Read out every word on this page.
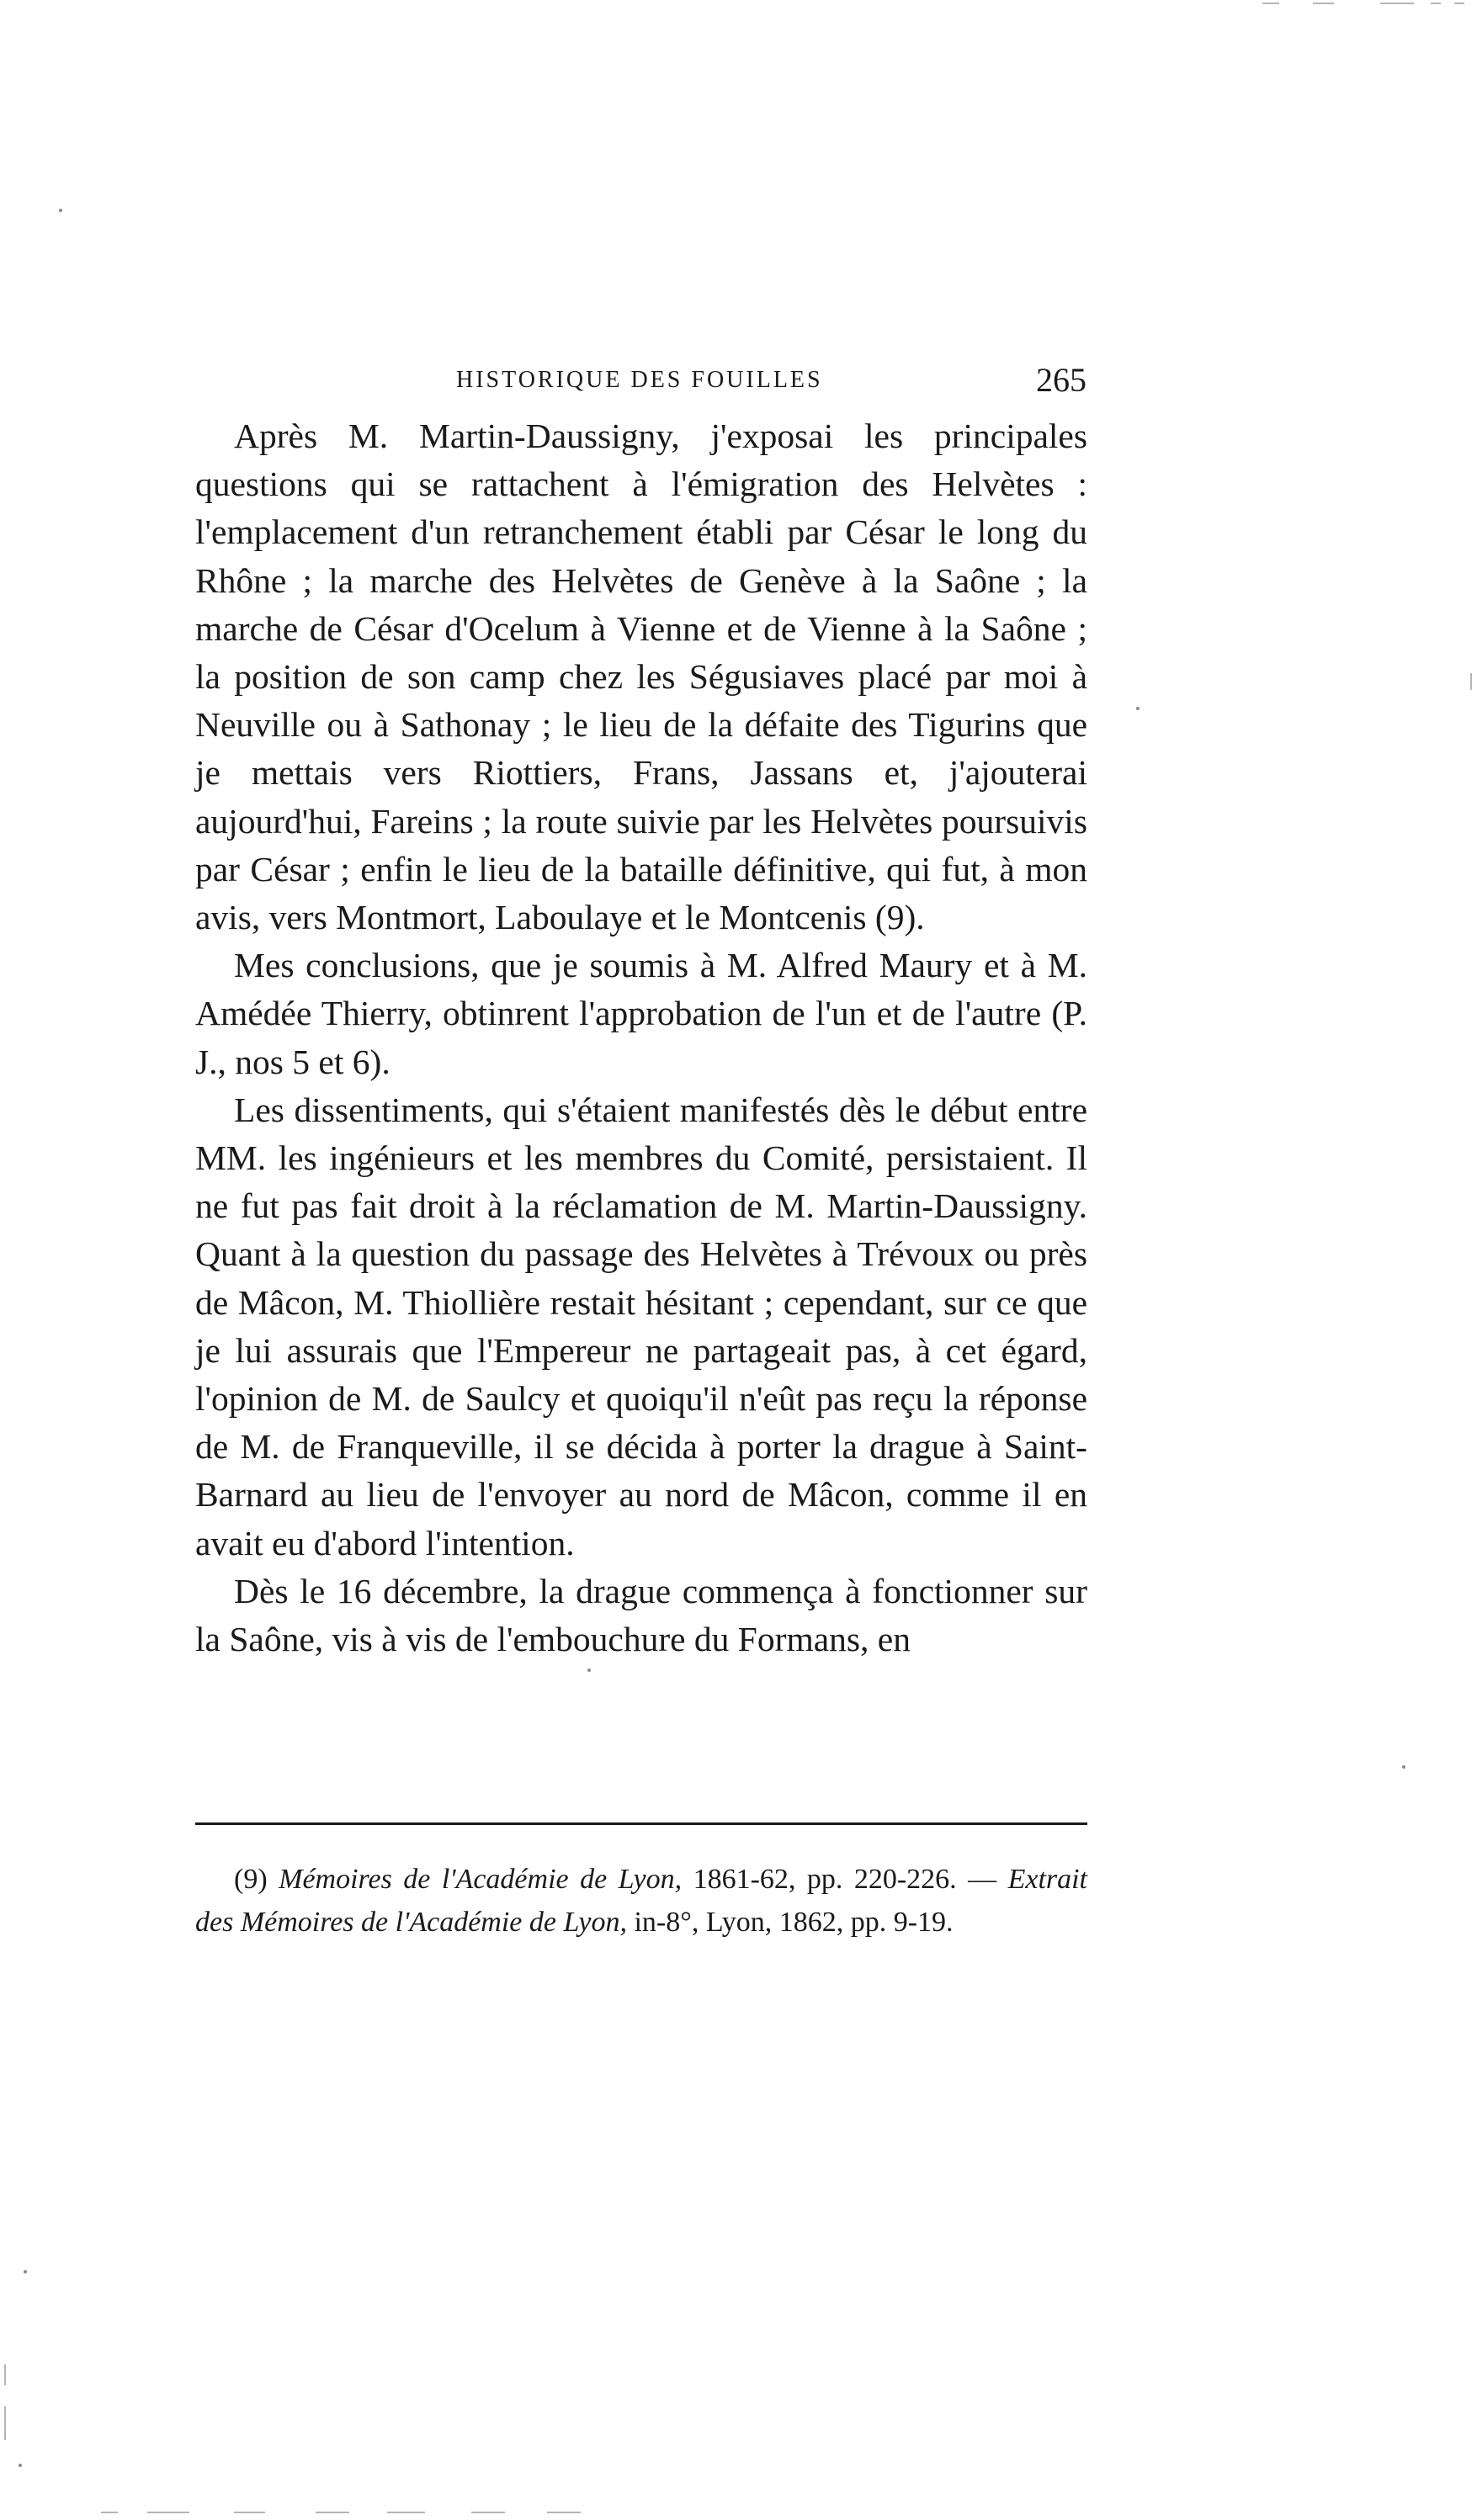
HISTORIQUE DES FOUILLES	265

Après M. Martin-Daussigny, j'exposai les principales questions qui se rattachent à l'émigration des Helvètes : l'emplacement d'un retranchement établi par César le long du Rhône ; la marche des Helvètes de Genève à la Saône ; la marche de César d'Ocelum à Vienne et de Vienne à la Saône ; la position de son camp chez les Ségusiaves placé par moi à Neuville ou à Sathonay ; le lieu de la défaite des Tigurins que je mettais vers Riottiers, Frans, Jassans et, j'ajouterai aujourd'hui, Fareins ; la route suivie par les Helvètes poursuivis par César ; enfin le lieu de la bataille définitive, qui fut, à mon avis, vers Montmort, Laboulaye et le Montcenis (9).

Mes conclusions, que je soumis à M. Alfred Maury et à M. Amédée Thierry, obtinrent l'approbation de l'un et de l'autre (P. J., nos 5 et 6).

Les dissentiments, qui s'étaient manifestés dès le début entre MM. les ingénieurs et les membres du Comité, persistaient. Il ne fut pas fait droit à la réclamation de M. Martin-Daussigny. Quant à la question du passage des Helvètes à Trévoux ou près de Mâcon, M. Thiollière restait hésitant ; cependant, sur ce que je lui assurais que l'Empereur ne partageait pas, à cet égard, l'opinion de M. de Saulcy et quoiqu'il n'eût pas reçu la réponse de M. de Franqueville, il se décida à porter la drague à Saint-Barnard au lieu de l'envoyer au nord de Mâcon, comme il en avait eu d'abord l'intention.

Dès le 16 décembre, la drague commença à fonctionner sur la Saône, vis à vis de l'embouchure du Formans, en

(9) Mémoires de l'Académie de Lyon, 1861-62, pp. 220-226. — Extrait des Mémoires de l'Académie de Lyon, in-8°, Lyon, 1862, pp. 9-19.
